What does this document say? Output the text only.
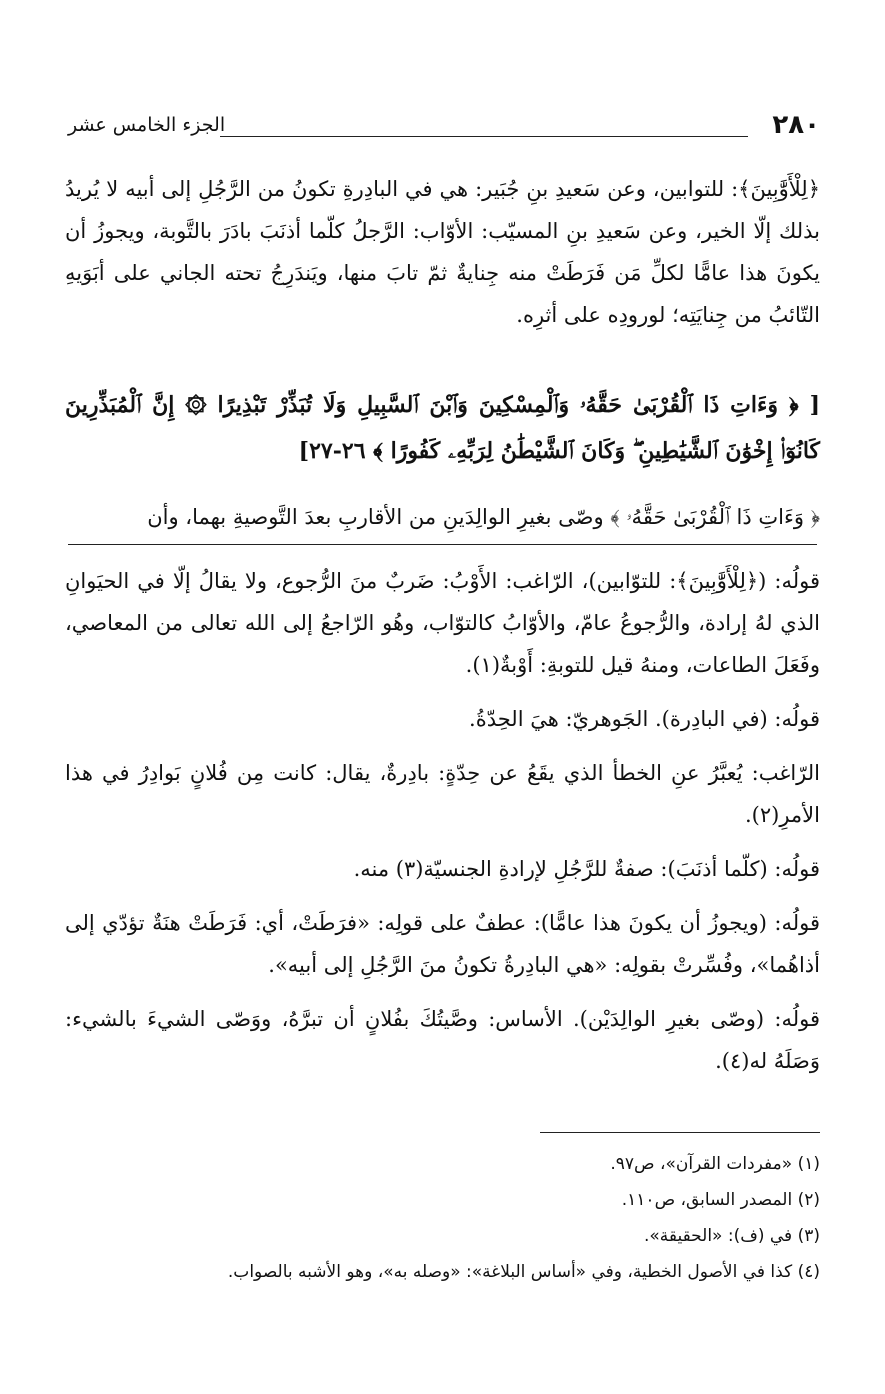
٢٨٠
الجزء الخامس عشر

﴿لِلْأَوَّٰبِينَ﴾: للتوابين، وعن سَعيدِ بنِ جُبَير: هي في البادِرةِ تكونُ من الرَّجُلِ إلى أبيه لا يُريدُ بذلك إلّا الخير، وعن سَعيدِ بنِ المسيّب: الأوّاب: الرَّجلُ كلّما أذنَبَ بادَرَ بالتَّوبة، ويجوزُ أن يكونَ هذا عامًّا لكلِّ مَن فَرَطَتْ منه جِنايةٌ ثمّ تابَ منها، ويَندَرِجُ تحته الجاني على أبَوَيهِ التّائبُ من جِنايَتِه؛ لورودِه على أثرِه.

[ ﴿ وَءَاتِ ذَا ٱلْقُرْبَىٰ حَقَّهُۥ وَٱلْمِسْكِينَ وَٱبْنَ ٱلسَّبِيلِ وَلَا تُبَذِّرْ تَبْذِيرًا ۞ إِنَّ ٱلْمُبَذِّرِينَ كَانُوٓا۟ إِخْوَٰنَ ٱلشَّيَٰطِينِ ۖ وَكَانَ ٱلشَّيْطَٰنُ لِرَبِّهِۦ كَفُورًا ﴾ ٢٦-٢٧]

﴿ وَءَاتِ ذَا ٱلْقُرْبَىٰ حَقَّهُۥ ﴾ وصّى بغيرِ الوالِدَينِ من الأقاربِ بعدَ التَّوصيةِ بهما، وأن

قولُه: (﴿لِلْأَوَّٰبِينَ﴾: للتوّابين)، الرّاغب: الأَوْبُ: ضَربٌ منَ الرُّجوع، ولا يقالُ إلّا في الحيَوانِ الذي لهُ إرادة، والرُّجوعُ عامّ، والأوّابُ كالتوّاب، وهُو الرّاجعُ إلى الله تعالى من المعاصي، وفَعَلَ الطاعات، ومنهُ قيل للتوبةِ: أَوْبةٌ(١).

قولُه: (في البادِرة). الجَوهريّ: هيَ الحِدّةُ.

الرّاغب: يُعبَّرُ عنِ الخطأ الذي يقَعُ عن حِدّةٍ: بادِرةٌ، يقال: كانت مِن فُلانٍ بَوادِرُ في هذا الأمرِ(٢).

قولُه: (كلّما أذنَبَ): صفةٌ للرَّجُلِ لإرادةِ الجنسيّة(٣) منه.

قولُه: (ويجوزُ أن يكونَ هذا عامًّا): عطفٌ على قولِه: «فرَطَتْ، أي: فَرَطَتْ هنَةٌ تؤدّي إلى أذاهُما»، وفُسِّرتْ بقولِه: «هي البادِرةُ تكونُ منَ الرَّجُلِ إلى أبيه».

قولُه: (وصّى بغيرِ الوالِدَيْن). الأساس: وصَّيتُكَ بفُلانٍ أن تبرَّهُ، ووَصّى الشيءَ بالشيء: وَصَلَهُ له(٤).

(١) «مفردات القرآن»، ص٩٧.

(٢) المصدر السابق، ص١١٠.

(٣) في (ف): «الحقيقة».

(٤) كذا في الأصول الخطية، وفي «أساس البلاغة»: «وصله به»، وهو الأشبه بالصواب.
